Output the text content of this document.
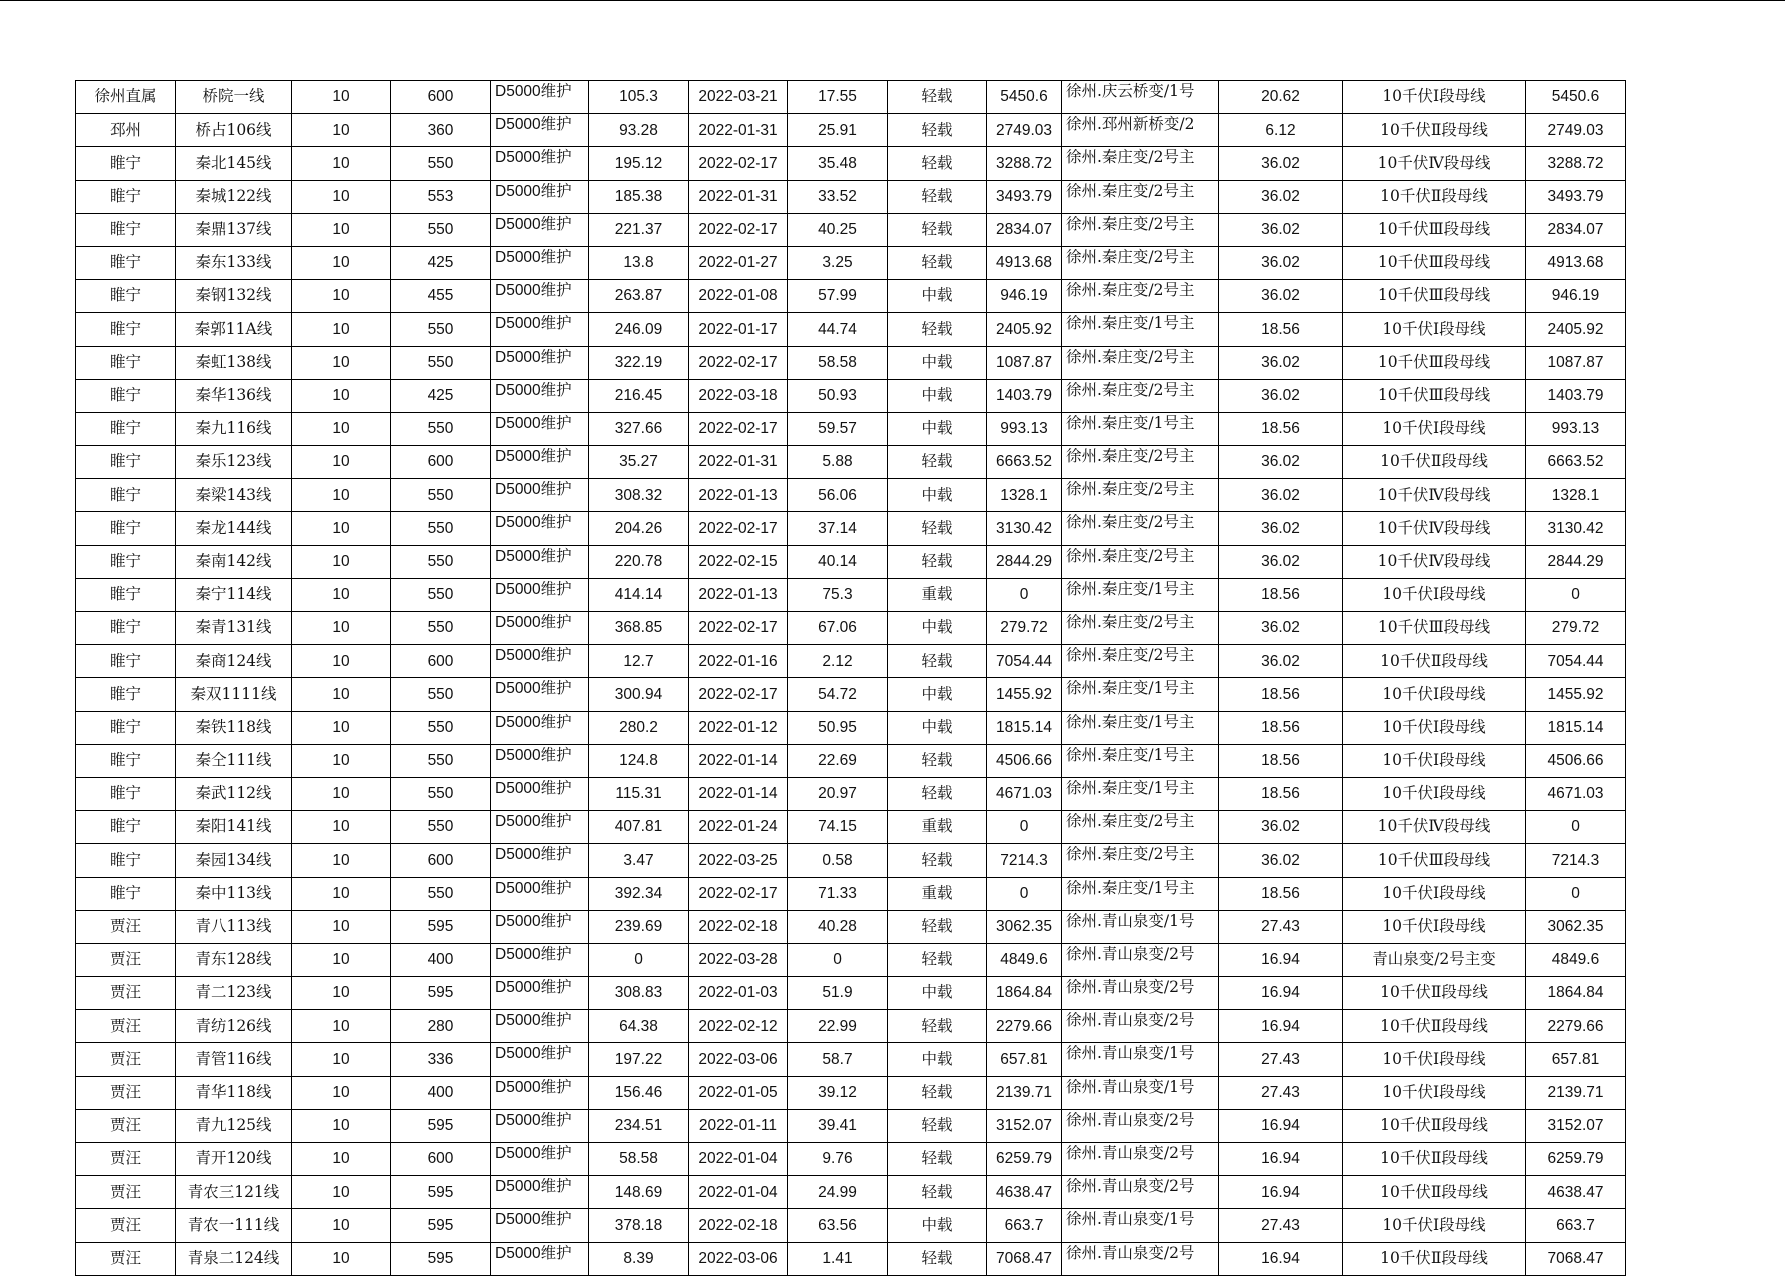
徐州直属	桥院一线	10	600	D5000维护	105.3	2022-03-21	17.55	轻载	5450.6	徐州.庆云桥变/1号	20.62	10千伏Ⅰ段母线	5450.6
邳州	桥占106线	10	360	D5000维护	93.28	2022-01-31	25.91	轻载	2749.03	徐州.邳州新桥变/2	6.12	10千伏Ⅱ段母线	2749.03
睢宁	秦北145线	10	550	D5000维护	195.12	2022-02-17	35.48	轻载	3288.72	徐州.秦庄变/2号主	36.02	10千伏Ⅳ段母线	3288.72
睢宁	秦城122线	10	553	D5000维护	185.38	2022-01-31	33.52	轻载	3493.79	徐州.秦庄变/2号主	36.02	10千伏Ⅱ段母线	3493.79
睢宁	秦鼎137线	10	550	D5000维护	221.37	2022-02-17	40.25	轻载	2834.07	徐州.秦庄变/2号主	36.02	10千伏Ⅲ段母线	2834.07
睢宁	秦东133线	10	425	D5000维护	13.8	2022-01-27	3.25	轻载	4913.68	徐州.秦庄变/2号主	36.02	10千伏Ⅲ段母线	4913.68
睢宁	秦钢132线	10	455	D5000维护	263.87	2022-01-08	57.99	中载	946.19	徐州.秦庄变/2号主	36.02	10千伏Ⅲ段母线	946.19
睢宁	秦郭11A线	10	550	D5000维护	246.09	2022-01-17	44.74	轻载	2405.92	徐州.秦庄变/1号主	18.56	10千伏Ⅰ段母线	2405.92
睢宁	秦虹138线	10	550	D5000维护	322.19	2022-02-17	58.58	中载	1087.87	徐州.秦庄变/2号主	36.02	10千伏Ⅲ段母线	1087.87
睢宁	秦华136线	10	425	D5000维护	216.45	2022-03-18	50.93	中载	1403.79	徐州.秦庄变/2号主	36.02	10千伏Ⅲ段母线	1403.79
睢宁	秦九116线	10	550	D5000维护	327.66	2022-02-17	59.57	中载	993.13	徐州.秦庄变/1号主	18.56	10千伏Ⅰ段母线	993.13
睢宁	秦乐123线	10	600	D5000维护	35.27	2022-01-31	5.88	轻载	6663.52	徐州.秦庄变/2号主	36.02	10千伏Ⅱ段母线	6663.52
睢宁	秦梁143线	10	550	D5000维护	308.32	2022-01-13	56.06	中载	1328.1	徐州.秦庄变/2号主	36.02	10千伏Ⅳ段母线	1328.1
睢宁	秦龙144线	10	550	D5000维护	204.26	2022-02-17	37.14	轻载	3130.42	徐州.秦庄变/2号主	36.02	10千伏Ⅳ段母线	3130.42
睢宁	秦南142线	10	550	D5000维护	220.78	2022-02-15	40.14	轻载	2844.29	徐州.秦庄变/2号主	36.02	10千伏Ⅳ段母线	2844.29
睢宁	秦宁114线	10	550	D5000维护	414.14	2022-01-13	75.3	重载	0	徐州.秦庄变/1号主	18.56	10千伏Ⅰ段母线	0
睢宁	秦青131线	10	550	D5000维护	368.85	2022-02-17	67.06	中载	279.72	徐州.秦庄变/2号主	36.02	10千伏Ⅲ段母线	279.72
睢宁	秦商124线	10	600	D5000维护	12.7	2022-01-16	2.12	轻载	7054.44	徐州.秦庄变/2号主	36.02	10千伏Ⅱ段母线	7054.44
睢宁	秦双1111线	10	550	D5000维护	300.94	2022-02-17	54.72	中载	1455.92	徐州.秦庄变/1号主	18.56	10千伏Ⅰ段母线	1455.92
睢宁	秦铁118线	10	550	D5000维护	280.2	2022-01-12	50.95	中载	1815.14	徐州.秦庄变/1号主	18.56	10千伏Ⅰ段母线	1815.14
睢宁	秦仝111线	10	550	D5000维护	124.8	2022-01-14	22.69	轻载	4506.66	徐州.秦庄变/1号主	18.56	10千伏Ⅰ段母线	4506.66
睢宁	秦武112线	10	550	D5000维护	115.31	2022-01-14	20.97	轻载	4671.03	徐州.秦庄变/1号主	18.56	10千伏Ⅰ段母线	4671.03
睢宁	秦阳141线	10	550	D5000维护	407.81	2022-01-24	74.15	重载	0	徐州.秦庄变/2号主	36.02	10千伏Ⅳ段母线	0
睢宁	秦园134线	10	600	D5000维护	3.47	2022-03-25	0.58	轻载	7214.3	徐州.秦庄变/2号主	36.02	10千伏Ⅲ段母线	7214.3
睢宁	秦中113线	10	550	D5000维护	392.34	2022-02-17	71.33	重载	0	徐州.秦庄变/1号主	18.56	10千伏Ⅰ段母线	0
贾汪	青八113线	10	595	D5000维护	239.69	2022-02-18	40.28	轻载	3062.35	徐州.青山泉变/1号	27.43	10千伏Ⅰ段母线	3062.35
贾汪	青东128线	10	400	D5000维护	0	2022-03-28	0	轻载	4849.6	徐州.青山泉变/2号	16.94	青山泉变/2号主变	4849.6
贾汪	青二123线	10	595	D5000维护	308.83	2022-01-03	51.9	中载	1864.84	徐州.青山泉变/2号	16.94	10千伏Ⅱ段母线	1864.84
贾汪	青纺126线	10	280	D5000维护	64.38	2022-02-12	22.99	轻载	2279.66	徐州.青山泉变/2号	16.94	10千伏Ⅱ段母线	2279.66
贾汪	青管116线	10	336	D5000维护	197.22	2022-03-06	58.7	中载	657.81	徐州.青山泉变/1号	27.43	10千伏Ⅰ段母线	657.81
贾汪	青华118线	10	400	D5000维护	156.46	2022-01-05	39.12	轻载	2139.71	徐州.青山泉变/1号	27.43	10千伏Ⅰ段母线	2139.71
贾汪	青九125线	10	595	D5000维护	234.51	2022-01-11	39.41	轻载	3152.07	徐州.青山泉变/2号	16.94	10千伏Ⅱ段母线	3152.07
贾汪	青开120线	10	600	D5000维护	58.58	2022-01-04	9.76	轻载	6259.79	徐州.青山泉变/2号	16.94	10千伏Ⅱ段母线	6259.79
贾汪	青农三121线	10	595	D5000维护	148.69	2022-01-04	24.99	轻载	4638.47	徐州.青山泉变/2号	16.94	10千伏Ⅱ段母线	4638.47
贾汪	青农一111线	10	595	D5000维护	378.18	2022-02-18	63.56	中载	663.7	徐州.青山泉变/1号	27.43	10千伏Ⅰ段母线	663.7
贾汪	青泉二124线	10	595	D5000维护	8.39	2022-03-06	1.41	轻载	7068.47	徐州.青山泉变/2号	16.94	10千伏Ⅱ段母线	7068.47
